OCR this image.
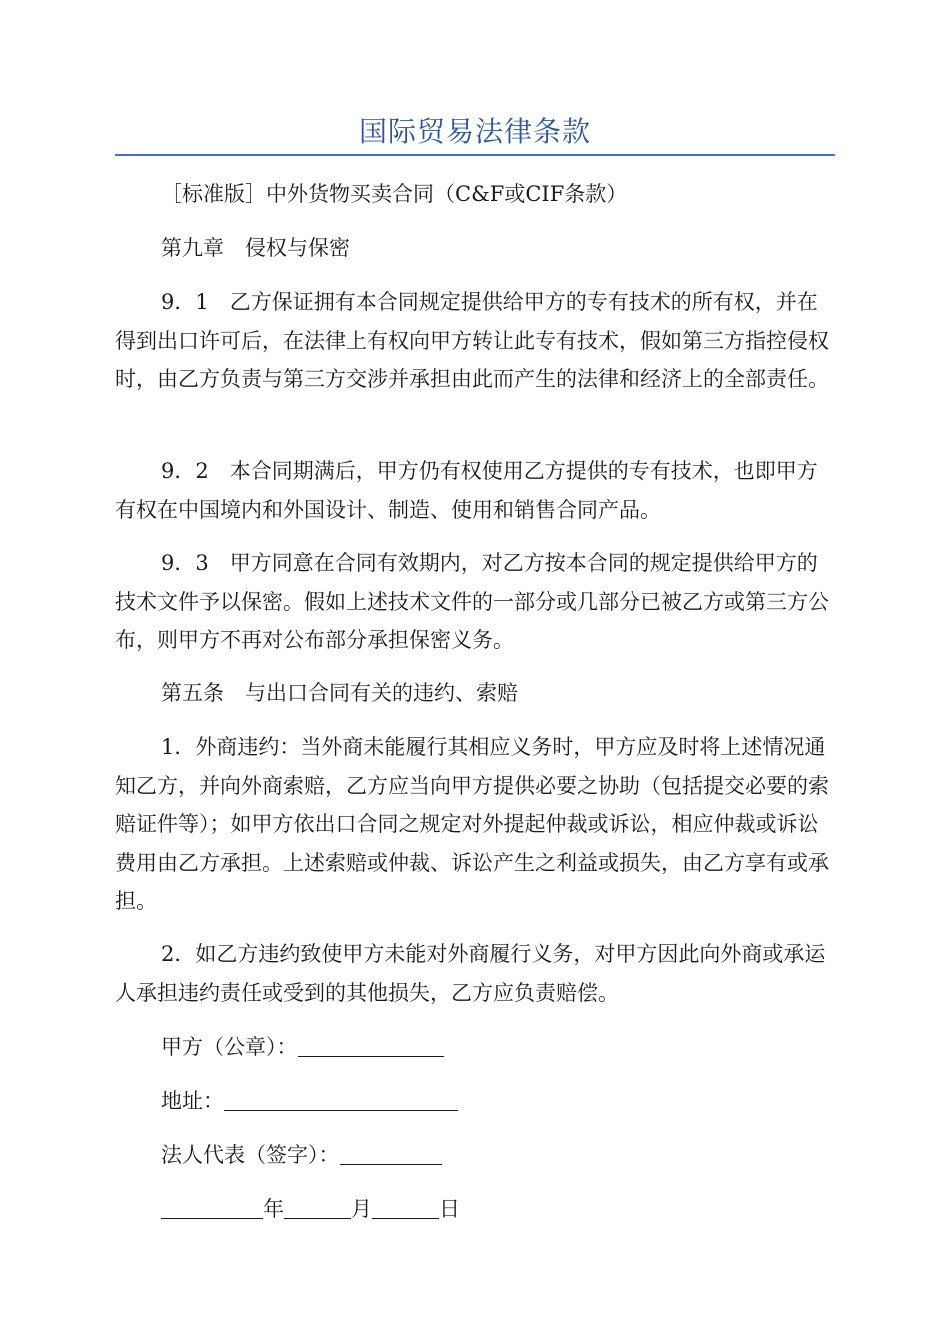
国际贸易法律条款

［标准版］中外货物买卖合同（C&F或CIF条款）

第九章　侵权与保密

9．1　乙方保证拥有本合同规定提供给甲方的专有技术的所有权，并在得到出口许可后，在法律上有权向甲方转让此专有技术，假如第三方指控侵权时，由乙方负责与第三方交涉并承担由此而产生的法律和经济上的全部责任。

9．2　本合同期满后，甲方仍有权使用乙方提供的专有技术，也即甲方有权在中国境内和外国设计、制造、使用和销售合同产品。

9．3　甲方同意在合同有效期内，对乙方按本合同的规定提供给甲方的技术文件予以保密。假如上述技术文件的一部分或几部分已被乙方或第三方公布，则甲方不再对公布部分承担保密义务。

第五条　与出口合同有关的违约、索赔

1．外商违约：当外商未能履行其相应义务时，甲方应及时将上述情况通知乙方，并向外商索赔，乙方应当向甲方提供必要之协助（包括提交必要的索赔证件等）；如甲方依出口合同之规定对外提起仲裁或诉讼，相应仲裁或诉讼费用由乙方承担。上述索赔或仲裁、诉讼产生之利益或损失，由乙方享有或承担。

2．如乙方违约致使甲方未能对外商履行义务，对甲方因此向外商或承运人承担违约责任或受到的其他损失，乙方应负责赔偿。

甲方（公章）：
地址：
法人代表（签字）：
年	月	日
